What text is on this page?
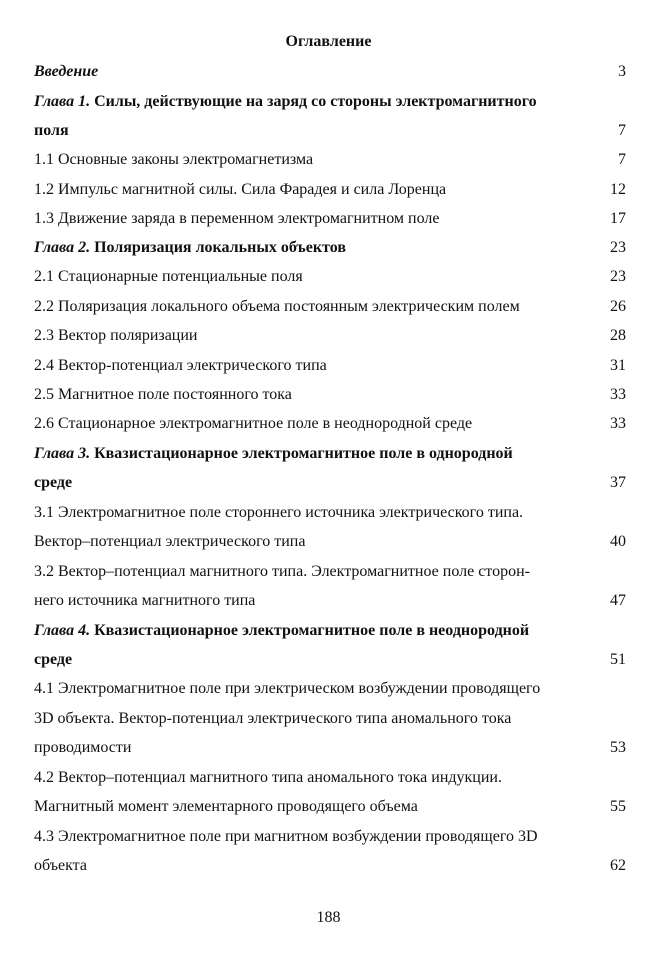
Оглавление
Введение	3
Глава 1. Силы, действующие на заряд со стороны электромагнитного
поля	7
1.1 Основные законы электромагнетизма	7
1.2 Импульс магнитной силы. Сила Фарадея и сила Лоренца	12
1.3 Движение заряда в переменном электромагнитном поле	17
Глава 2. Поляризация локальных объектов	23
2.1 Стационарные потенциальные поля	23
2.2 Поляризация локального объема постоянным электрическим полем	26
2.3 Вектор поляризации	28
2.4 Вектор-потенциал электрического типа	31
2.5 Магнитное поле постоянного тока	33
2.6 Стационарное электромагнитное поле в неоднородной среде	33
Глава 3. Квазистационарное электромагнитное поле в однородной
среде	37
3.1 Электромагнитное поле стороннего источника электрического типа.
Вектор–потенциал электрического типа	40
3.2 Вектор–потенциал магнитного типа. Электромагнитное поле сторон-
него источника магнитного типа	47
Глава 4. Квазистационарное электромагнитное поле в неоднородной
среде	51
4.1 Электромагнитное поле при электрическом возбуждении проводящего
3D объекта. Вектор-потенциал электрического типа аномального тока
проводимости	53
4.2 Вектор–потенциал магнитного типа аномального тока индукции.
Магнитный момент элементарного проводящего объема	55
4.3 Электромагнитное поле при магнитном возбуждении проводящего 3D
объекта	62
188
